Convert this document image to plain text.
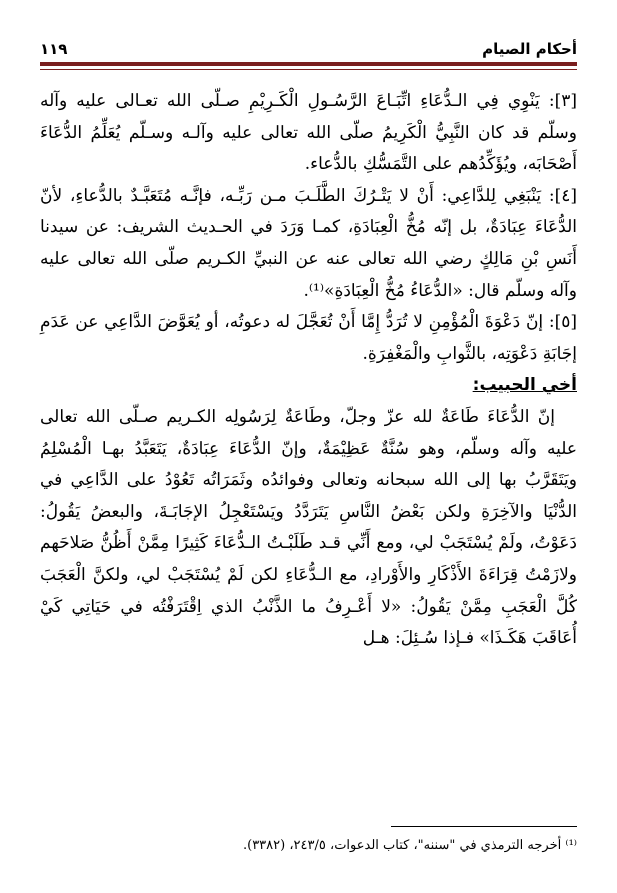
١١٩	أحكام الصيام

[٣]: يَنْوِي فِي الـدُّعَاءِ اتِّبَـاعَ الرَّسُـولِ الْكَـرِيْمِ صـلّى الله تعـالى عليه وآله وسلّم قد كان النَّبِيُّ الْكَرِيمُ صلّى الله تعالى عليه وآلـه وسـلّم يُعَلِّمُ الدُّعَاءَ أَصْحَابَه، ويُؤَكِّدُهم على التَّمَسُّكِ بالدُّعاء.

[٤]: يَنْبَغِي لِلدَّاعِي: أَنْ لا يَتْـرُكَ الطَّلَـبَ مـن رَبِّـه، فإنَّـه مُتَعَبَّـدٌ بالدُّعاءِ، لأنّ الدُّعَاءَ عِبَادَةٌ، بل إنّه مُخُّ الْعِبَادَةِ، كمـا وَرَدَ في الحـديث الشريف: عن سيدنا أَنَسِ بْنِ مَالِكٍ رضي الله تعالى عنه عن النبيِّ الكـريم صلّى الله تعالى عليه وآله وسلّم قال: «الدُّعَاءُ مُخُّ الْعِبَادَةِ»⁽¹⁾.

[٥]: إنّ دَعْوَةَ الْمُؤْمِنِ لا تُرَدُّ إِمَّا أَنْ تُعَجَّلَ له دعوتُه، أو يُعَوَّضَ الدَّاعِي عن عَدَمِ إجَابَةِ دَعْوَتِه، بالثَّوابِ والْمَغْفِرَةِ.

أخي الحبيب:

إنّ الدُّعَاءَ طَاعَةٌ لله عزّ وجلّ، وطَاعَةٌ لِرَسُولِه الكـريم صـلّى الله تعالى عليه وآله وسلّم، وهو سُنَّةٌ عَظِيْمَةٌ، وإنّ الدُّعَاءَ عِبَادَةٌ، يَتَعَبَّدُ بهـا الْمُسْلِمُ ويَتَقَرَّبُ بها إلى الله سبحانه وتعالى وفوائدُه وثَمَرَاتُه تَعُوْدُ على الدَّاعِي في الدُّنْيَا والآخِرَةِ ولكن بَعْضُ النَّاسِ يَتَرَدَّدُ ويَسْتَعْجِلُ الإجَابَـةَ، والبعضُ يَقُولُ: دَعَوْتُ، ولَمْ يُسْتَجَبْ لي، ومع أَنِّي قـد طَلَبْـتُ الـدُّعَاءَ كَثِيرًا مِمَّنْ أَظُنُّ صَلاحَهم ولازَمْتُ قِرَاءَةَ الأَذْكَارِ والأَوْرادِ، مع الـدُّعَاءِ لكن لَمْ يُسْتَجَبْ لي، ولكنَّ الْعَجَبَ كُلَّ الْعَجَبِ مِمَّنْ يَقُولُ: «لا أَعْـرِفُ ما الذَّنْبُ الذي اِقْتَرَفْتُه في حَيَاتِي كَيْ أُعَاقَبَ هَكَـذَا» فـإذا سُـئِلَ: هـل

⁽¹⁾ أخرجه الترمذي في "سننه"، كتاب الدعوات، ٢٤٣/٥، (٣٣٨٢).
